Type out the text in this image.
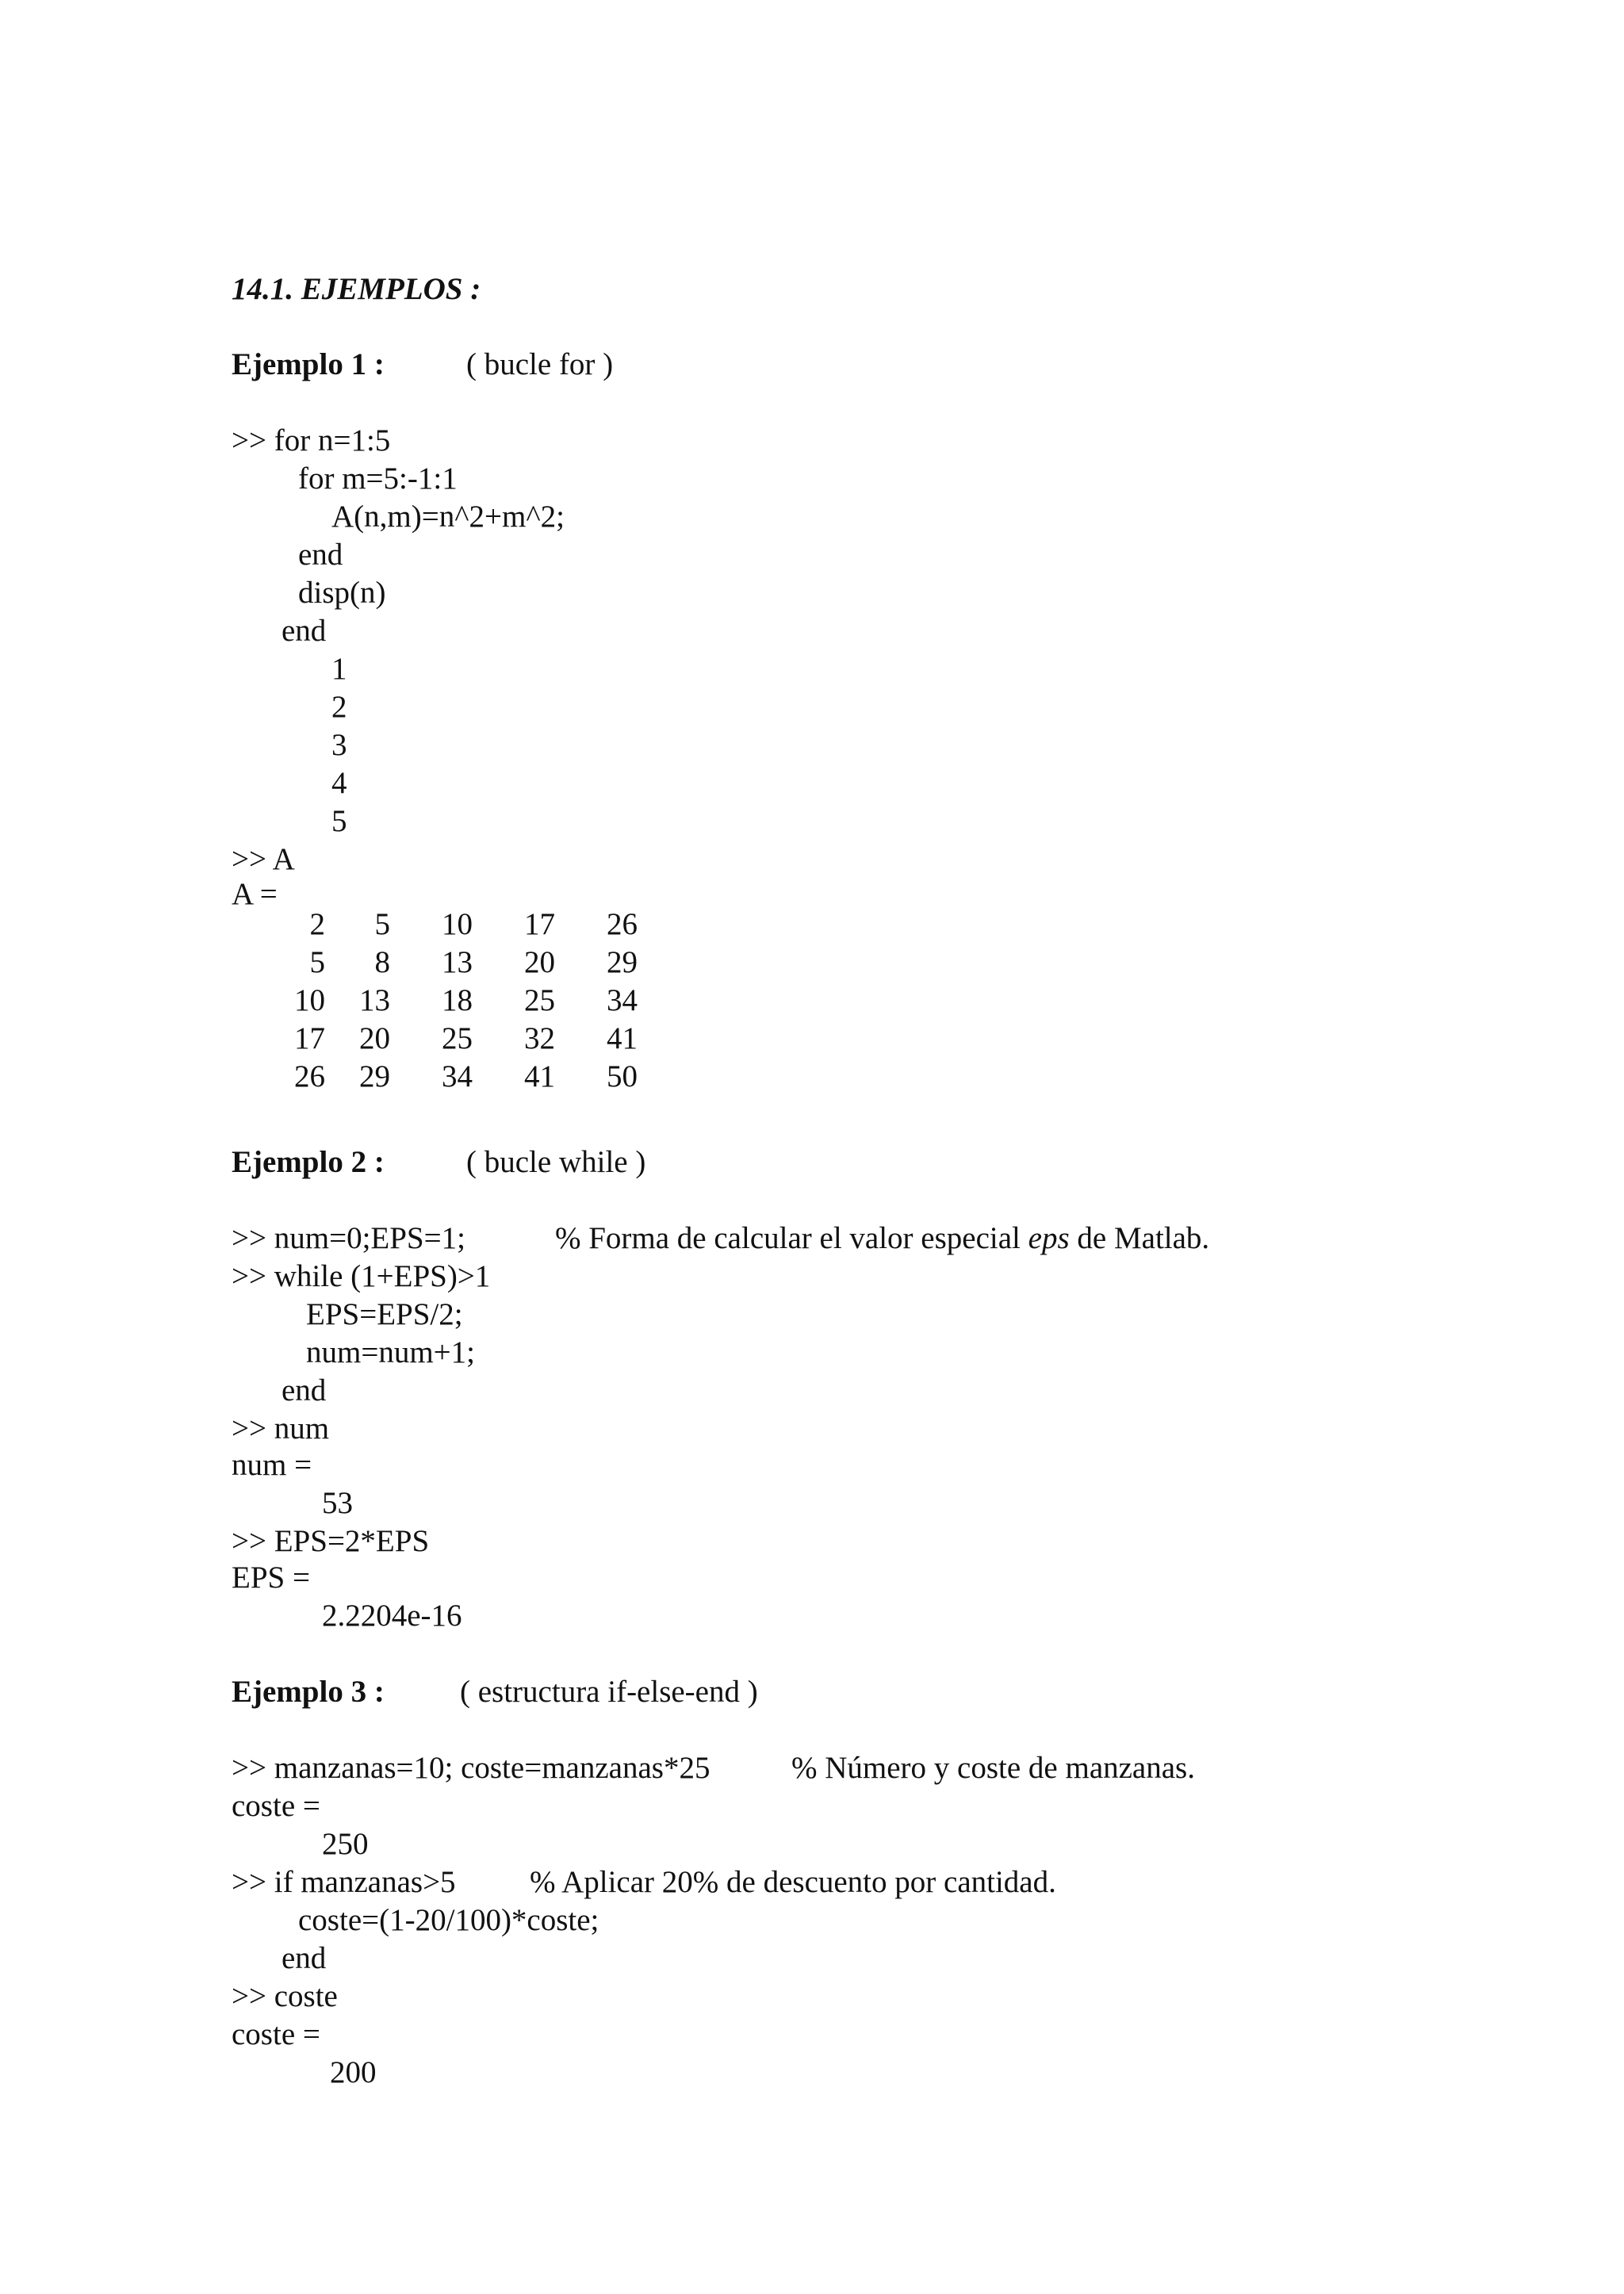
14.1. EJEMPLOS :
Ejemplo 1 :	( bucle for )
>> for n=1:5
for m=5:-1:1
A(n,m)=n^2+m^2;
end
disp(n)
end
1
2
3
4
5
>> A
A =
2	5	10	17	26
5	8	13	20	29
10	13	18	25	34
17	20	25	32	41
26	29	34	41	50
Ejemplo 2 :	( bucle while )
>> num=0;EPS=1;	% Forma de calcular el valor especial eps de Matlab.
>> while (1+EPS)>1
EPS=EPS/2;
num=num+1;
end
>> num
num =
53
>> EPS=2*EPS
EPS =
2.2204e-16
Ejemplo 3 : ( estructura if-else-end )
>> manzanas=10; coste=manzanas*25	% Número y coste de manzanas.
coste =
250
>> if manzanas>5 % Aplicar 20% de descuento por cantidad.
coste=(1-20/100)*coste;
end
>> coste
coste =
200
